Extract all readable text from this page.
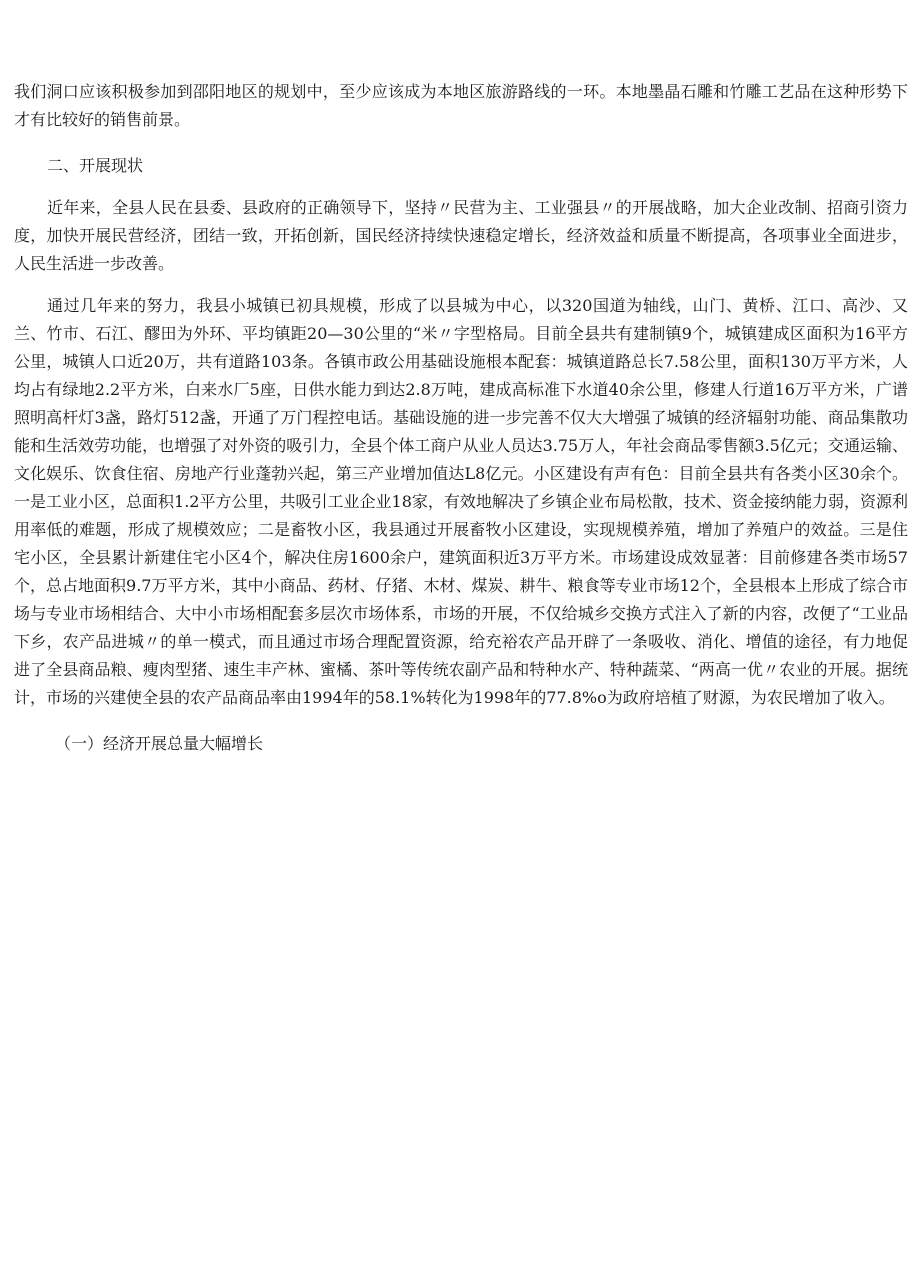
我们洞口应该积极参加到邵阳地区的规划中，至少应该成为本地区旅游路线的一环。本地墨晶石雕和竹雕工艺品在这种形势下才有比较好的销售前景。

二、开展现状

近年来，全县人民在县委、县政府的正确领导下，坚持〃民营为主、工业强县〃的开展战略，加大企业改制、招商引资力度，加快开展民营经济，团结一致，开拓创新，国民经济持续快速稳定增长，经济效益和质量不断提高，各项事业全面进步，人民生活进一步改善。

通过几年来的努力，我县小城镇已初具规模，形成了以县城为中心，以320国道为轴线，山门、黄桥、江口、高沙、又兰、竹市、石江、醪田为外环、平均镇距20—30公里的“米〃字型格局。目前全县共有建制镇9个，城镇建成区面积为16平方公里，城镇人口近20万，共有道路103条。各镇市政公用基础设施根本配套：城镇道路总长7.58公里，面积130万平方米，人均占有绿地2.2平方米，白来水厂5座，日供水能力到达2.8万吨，建成高标准下水道40余公里，修建人行道16万平方米，广谱照明高杆灯3盏，路灯512盏，开通了万门程控电话。基础设施的进一步完善不仅大大增强了城镇的经济辐射功能、商品集散功能和生活效劳功能，也增强了对外资的吸引力，全县个体工商户从业人员达3.75万人，年社会商品零售额3.5亿元；交通运输、文化娱乐、饮食住宿、房地产行业蓬勃兴起，第三产业增加值达L8亿元。小区建设有声有色：目前全县共有各类小区30余个。一是工业小区，总面积1.2平方公里，共吸引工业企业18家，有效地解决了乡镇企业布局松散，技术、资金接纳能力弱，资源利用率低的难题，形成了规模效应；二是畜牧小区，我县通过开展畜牧小区建设，实现规模养殖，增加了养殖户的效益。三是住宅小区，全县累计新建住宅小区4个，解决住房1600余户，建筑面积近3万平方米。市场建设成效显著：目前修建各类市场57个，总占地面积9.7万平方米，其中小商品、药材、仔猪、木材、煤炭、耕牛、粮食等专业市场12个，全县根本上形成了综合市场与专业市场相结合、大中小市场相配套多层次市场体系，市场的开展，不仅给城乡交换方式注入了新的内容，改便了“工业品下乡，农产品进城〃的单一模式，而且通过市场合理配置资源，给充裕农产品开辟了一条吸收、消化、增值的途径，有力地促进了全县商品粮、瘦肉型猪、速生丰产林、蜜橘、茶叶等传统农副产品和特种水产、特种蔬菜、“两高一优〃农业的开展。据统计，市场的兴建使全县的农产品商品率由1994年的58.1%转化为1998年的77.8%o为政府培植了财源，为农民增加了收入。

（一）经济开展总量大幅增长
